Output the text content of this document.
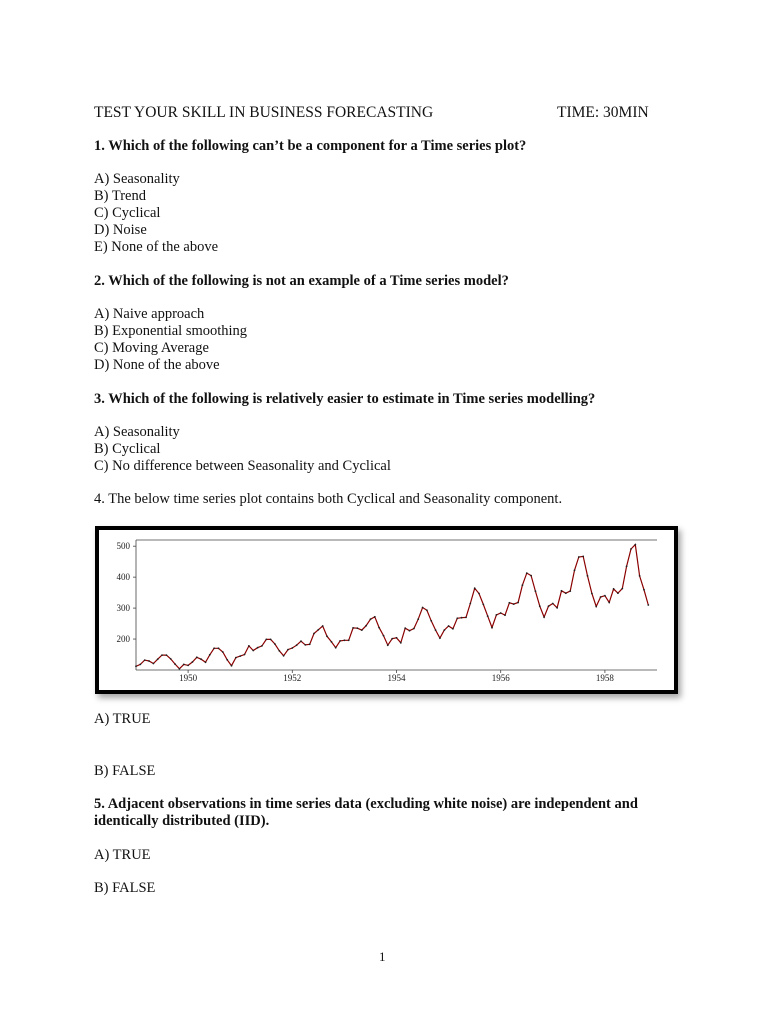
TEST YOUR SKILL IN BUSINESS FORECASTING	TIME: 30MIN
1. Which of the following can’t be a component for a Time series plot?
A) Seasonality
B) Trend
C) Cyclical
D) Noise
E) None of the above
2. Which of the following is not an example of a Time series model?
A) Naive approach
B) Exponential smoothing
C) Moving Average
D) None of the above
3. Which of the following is relatively easier to estimate in Time series modelling?
A) Seasonality
B) Cyclical
C) No difference between Seasonality and Cyclical
4. The below time series plot contains both Cyclical and Seasonality component.
200
300
400
500
1950	1952	1954	1956	1958
A) TRUE
B) FALSE
5. Adjacent observations in time series data (excluding white noise) are independent and
identically distributed (IID).
A) TRUE
B) FALSE
1
